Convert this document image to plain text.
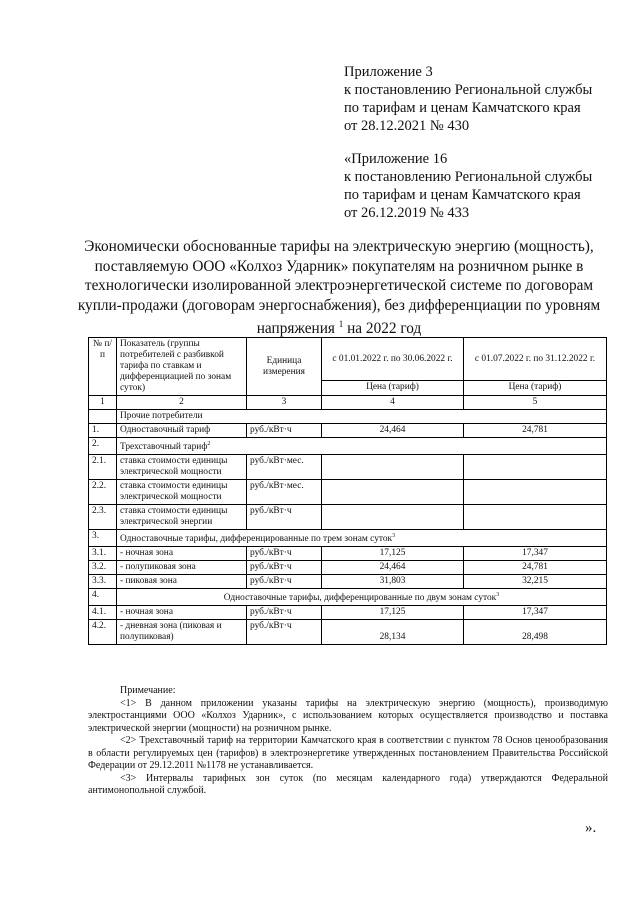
Приложение 3
к постановлению Региональной службы
по тарифам и ценам Камчатского края
от 28.12.2021 № 430
«Приложение 16
к постановлению Региональной службы
по тарифам и ценам Камчатского края
от 26.12.2019 № 433
Экономически обоснованные тарифы на электрическую энергию (мощность),
поставляемую ООО «Колхоз Ударник» покупателям на розничном рынке в
технологически изолированной электроэнергетической системе по договорам
купли-продажи (договорам энергоснабжения), без дифференциации по уровням
напряжения $^1$ на 2022 год
№ п/п	Показатель (группы потребителей с разбивкой тарифа по ставкам и дифференциацией по зонам суток)	Единица измерения	с 01.01.2022 г. по 30.06.2022 г.	с 01.07.2022 г. по 31.12.2022 г.
			Цена (тариф)	Цена (тариф)
1	2	3	4	5
	Прочие потребители			
1.	Одноставочный тариф	руб./кВт·ч	24,464	24,781
2.	Трехставочный тариф$^2$
2.1.	ставка стоимости единицы электрической мощности	руб./кВт·мес.		
2.2.	ставка стоимости единицы электрической мощности	руб./кВт·мес.		
2.3.	ставка стоимости единицы электрической энергии	руб./кВт·ч		
3.	Одноставочные тарифы, дифференцированные по трем зонам суток$^3$
3.1.	- ночная зона	руб./кВт·ч	17,125	17,347
3.2.	- полупиковая зона	руб./кВт·ч	24,464	24,781
3.3.	- пиковая зона	руб./кВт·ч	31,803	32,215
4.	Одноставочные тарифы, дифференцированные по двум зонам суток$^3$
4.1.	- ночная зона	руб./кВт·ч	17,125	17,347
4.2.	- дневная зона (пиковая и полупиковая)	руб./кВт·ч	28,134	28,498

Примечание:

<1> В данном приложении указаны тарифы на электрическую энергию (мощность), производимую электростанциями ООО «Колхоз Ударник», с использованием которых осуществляется производство и поставка электрической энергии (мощности) на розничном рынке.

<2> Трехставочный тариф на территории Камчатского края в соответствии с пунктом 78 Основ ценообразования в области регулируемых цен (тарифов) в электроэнергетике утвержденных постановлением Правительства Российской Федерации от 29.12.2011 №1178 не устанавливается.

<3> Интервалы тарифных зон суток (по месяцам календарного года) утверждаются Федеральной антимонопольной службой.

».
